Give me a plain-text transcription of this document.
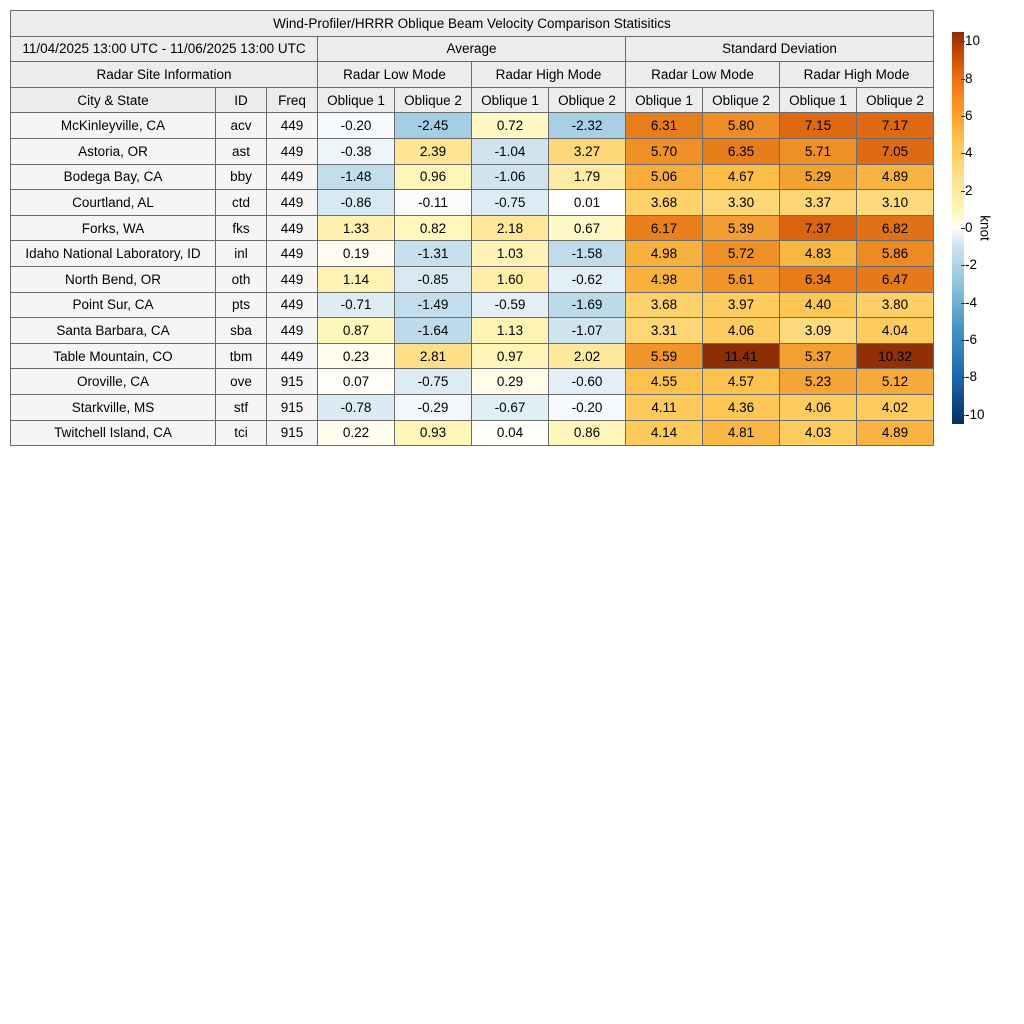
Wind-Profiler/HRRR Oblique Beam Velocity Comparison Statisitics										
11/04/2025 13:00 UTC - 11/06/2025 13:00 UTC			Average				Standard Deviation			
Radar Site Information			Radar Low Mode		Radar High Mode		Radar Low Mode		Radar High Mode	
City & State	ID	Freq	Oblique 1	Oblique 2	Oblique 1	Oblique 2	Oblique 1	Oblique 2	Oblique 1	Oblique 2
McKinleyville, CA	acv	449	-0.20	-2.45	0.72	-2.32	6.31	5.80	7.15	7.17
Astoria, OR	ast	449	-0.38	2.39	-1.04	3.27	5.70	6.35	5.71	7.05
Bodega Bay, CA	bby	449	-1.48	0.96	-1.06	1.79	5.06	4.67	5.29	4.89
Courtland, AL	ctd	449	-0.86	-0.11	-0.75	0.01	3.68	3.30	3.37	3.10
Forks, WA	fks	449	1.33	0.82	2.18	0.67	6.17	5.39	7.37	6.82
Idaho National Laboratory, ID	inl	449	0.19	-1.31	1.03	-1.58	4.98	5.72	4.83	5.86
North Bend, OR	oth	449	1.14	-0.85	1.60	-0.62	4.98	5.61	6.34	6.47
Point Sur, CA	pts	449	-0.71	-1.49	-0.59	-1.69	3.68	3.97	4.40	3.80
Santa Barbara, CA	sba	449	0.87	-1.64	1.13	-1.07	3.31	4.06	3.09	4.04
Table Mountain, CO	tbm	449	0.23	2.81	0.97	2.02	5.59	11.41	5.37	10.32
Oroville, CA	ove	915	0.07	-0.75	0.29	-0.60	4.55	4.57	5.23	5.12
Starkville, MS	stf	915	-0.78	-0.29	-0.67	-0.20	4.11	4.36	4.06	4.02
Twitchell Island, CA	tci	915	0.22	0.93	0.04	0.86	4.14	4.81	4.03	4.89
10
8
6
4
2
0
-2
-4
-6
-8
-10
knot
